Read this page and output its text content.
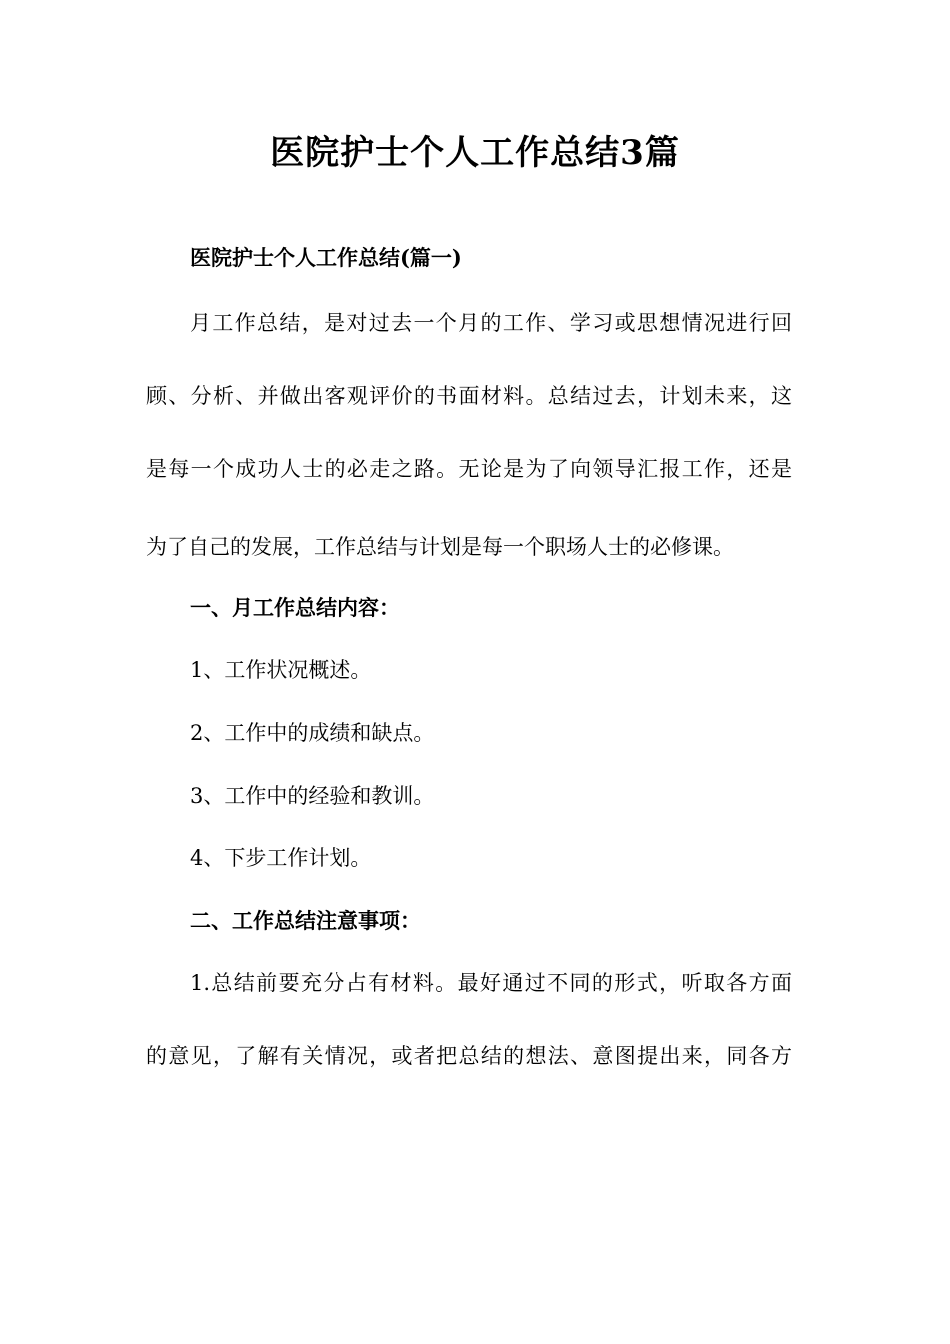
医院护士个人工作总结3篇
医院护士个人工作总结(篇一)
月工作总结，是对过去一个月的工作、学习或思想情况进行回
顾、分析、并做出客观评价的书面材料。总结过去，计划未来，这
是每一个成功人士的必走之路。无论是为了向领导汇报工作，还是
为了自己的发展，工作总结与计划是每一个职场人士的必修课。
一、月工作总结内容：
1、工作状况概述。
2、工作中的成绩和缺点。
3、工作中的经验和教训。
4、下步工作计划。
二、工作总结注意事项：
1.总结前要充分占有材料。最好通过不同的形式，听取各方面
的意见，了解有关情况，或者把总结的想法、意图提出来，同各方
